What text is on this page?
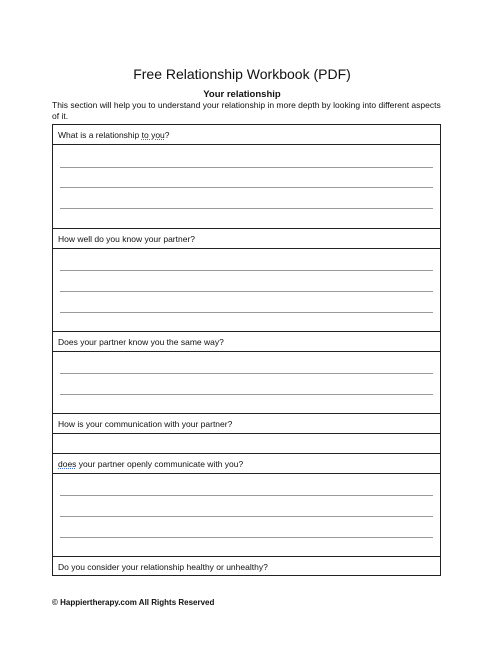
Free Relationship Workbook (PDF)
Your relationship
This section will help you to understand your relationship in more depth by looking into different aspects of it.
What is a relationship to you?
How well do you know your partner?
Does your partner know you the same way?
How is your communication with your partner?
does your partner openly communicate with you?
Do you consider your relationship healthy or unhealthy?
© Happiertherapy.com All Rights Reserved
